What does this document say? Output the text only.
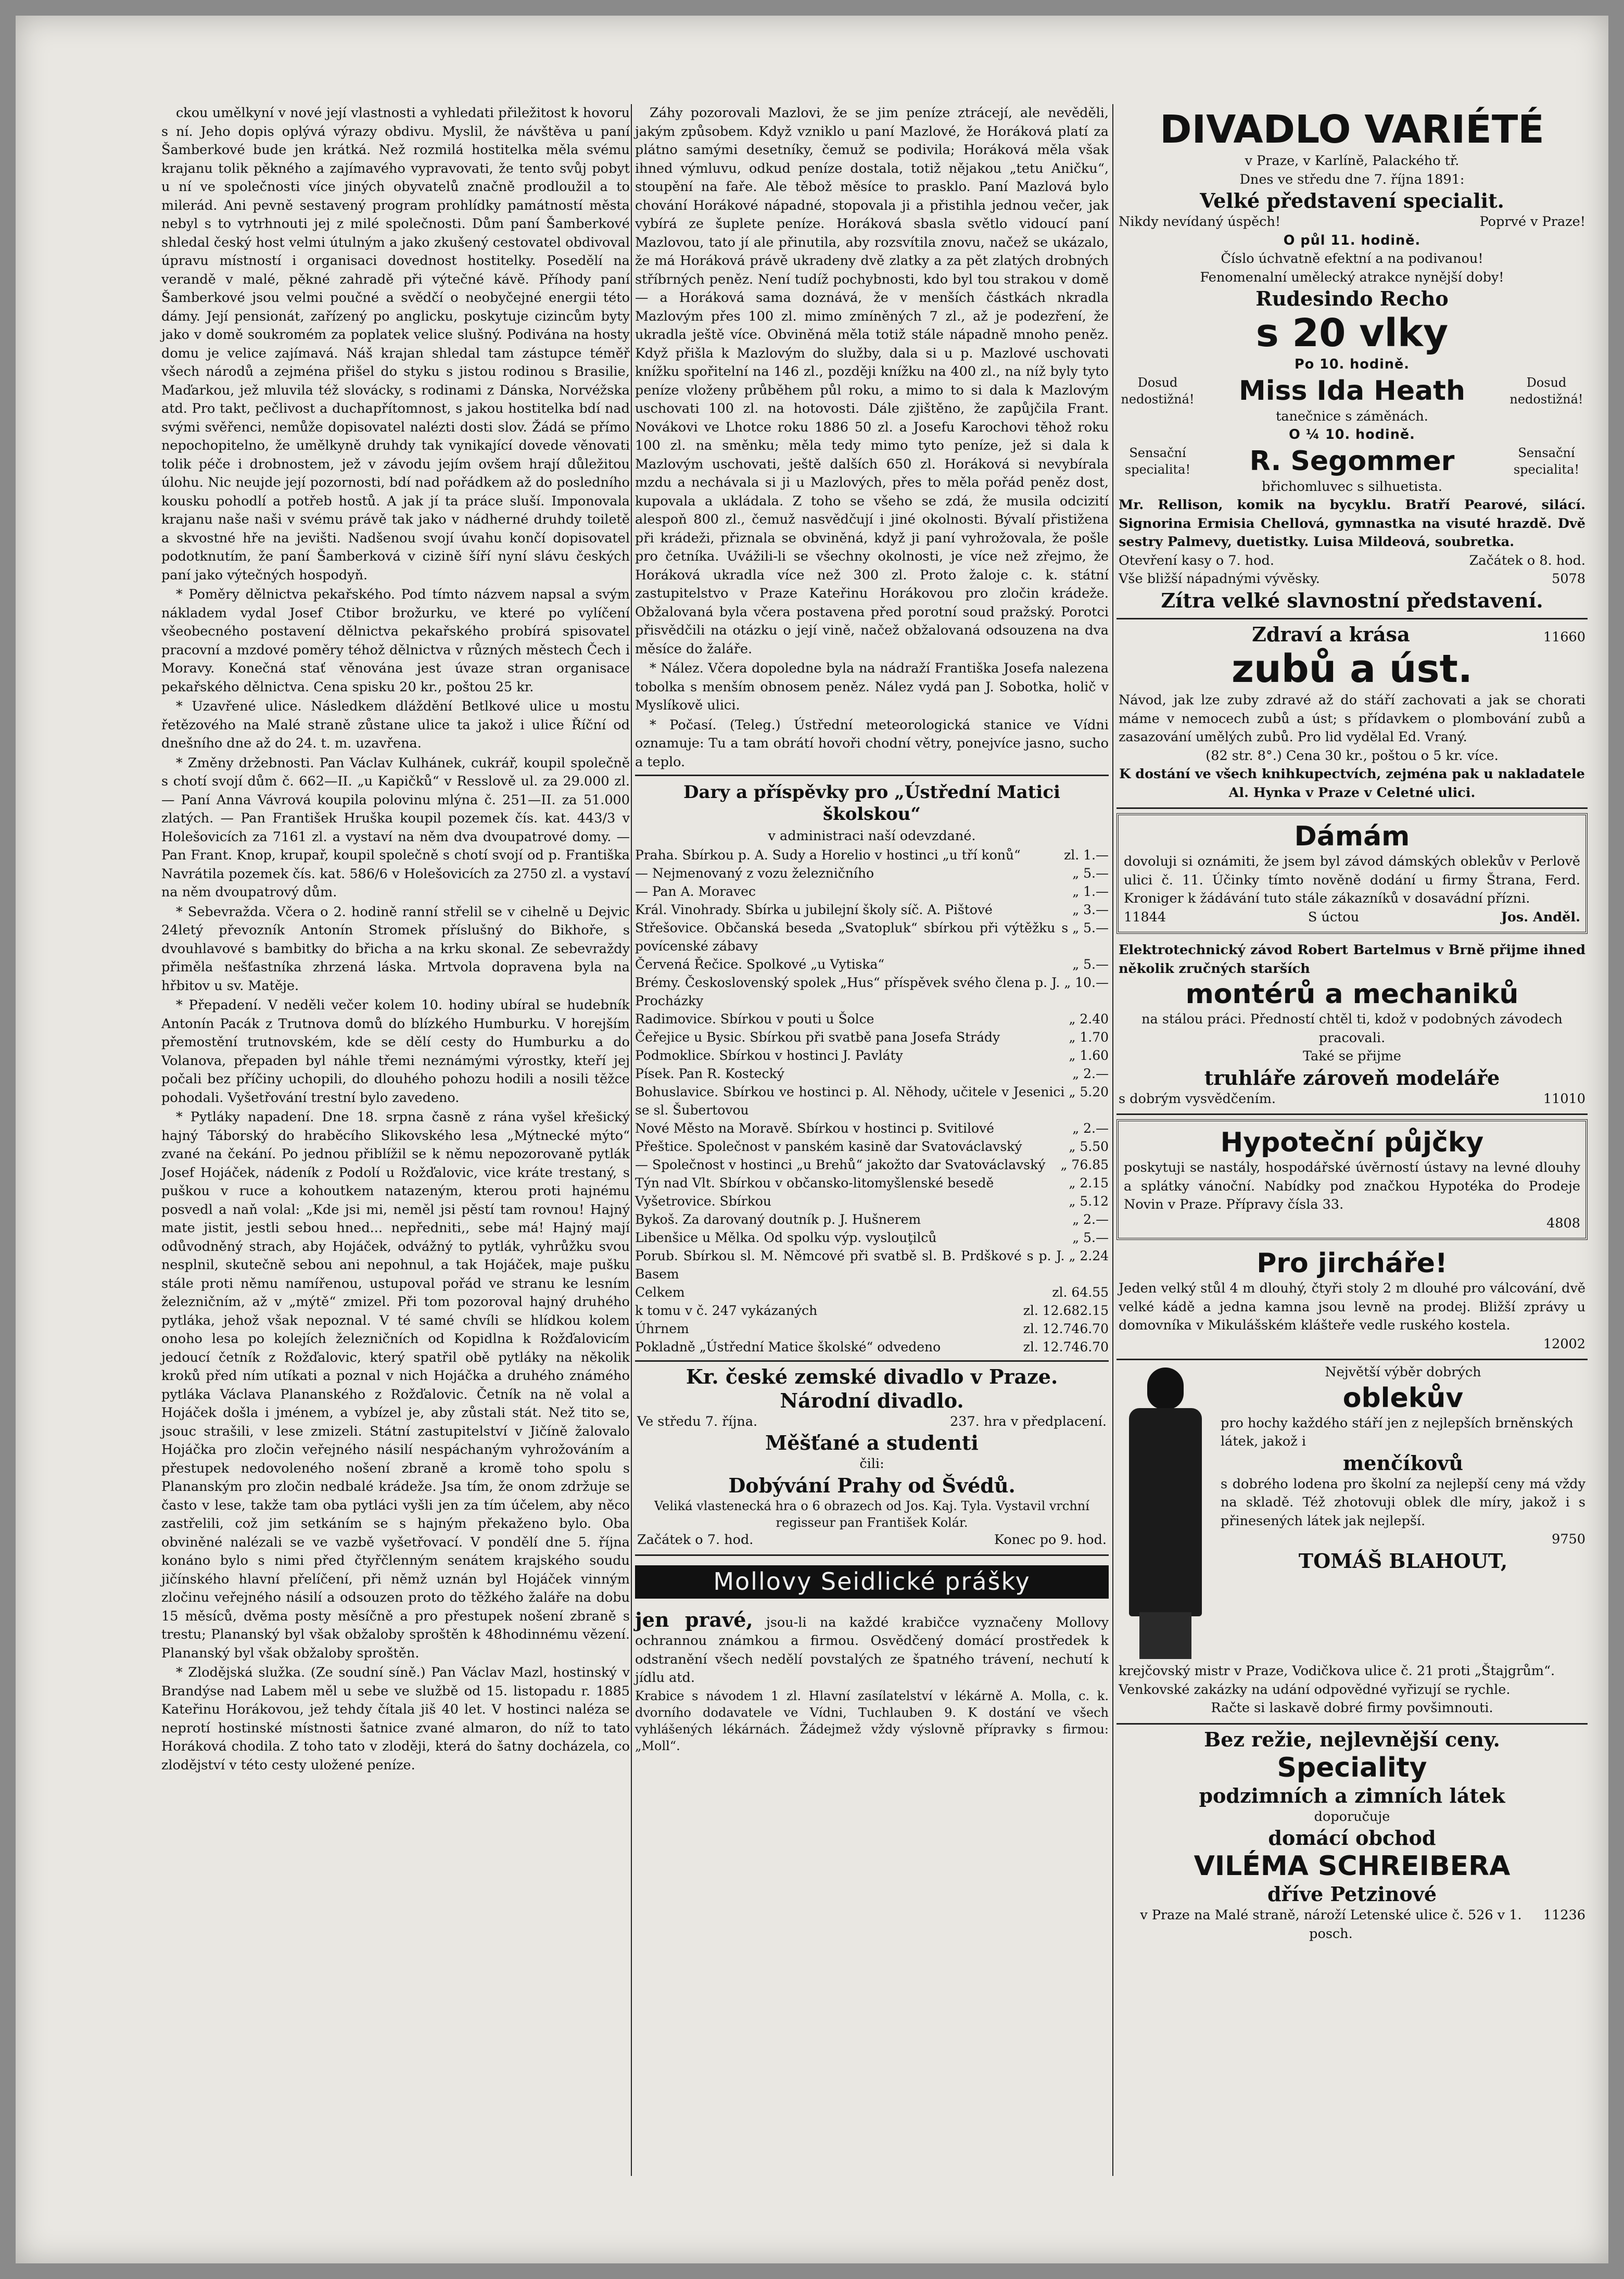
ckou umělkyní v nové její vlastnosti a vyhledati přiležitost k hovoru s ní. Jeho dopis oplývá výrazy obdivu. Myslil, že návštěva u paní Šamberkové bude jen krátká. Než rozmilá hostitelka měla svému krajanu tolik pěkného a zajímavého vypravovati, že tento svůj pobyt u ní ve společnosti více jiných obyvatelů značně prodloužil a to milerád. Ani pevně sestavený program prohlídky památností města nebyl s to vytrhnouti jej z milé společnosti. Dům paní Šamberkové shledal český host velmi útulným a jako zkušený cestovatel obdivoval úpravu místností i organisaci dovednost hostitelky. Posedělí na verandě v malé, pěkné zahradě při výtečné kávě. Příhody paní Šamberkové jsou velmi poučné a svědčí o neobyčejné energii této dámy. Její pensionát, zařízený po anglicku, poskytuje cizincům byty jako v domě soukromém za poplatek velice slušný. Podivána na hosty domu je velice zajímavá. Náš krajan shledal tam zástupce téměř všech národů a zejména přišel do styku s jistou rodinou s Brasilie, Maďarkou, jež mluvila též slovácky, s rodinami z Dánska, Norvéžska atd. Pro takt, pečlivost a duchapřítomnost, s jakou hostitelka bdí nad svými svěřenci, nemůže dopisovatel nalézti dosti slov. Žádá se přímo nepochopitelno, že umělkyně druhdy tak vynikající dovede věnovati tolik péče i drobnostem, jež v závodu jejím ovšem hrají důležitou úlohu. Nic neujde její pozornosti, bdí nad pořádkem až do posledního kousku pohodlí a potřeb hostů. A jak jí ta práce sluší. Imponovala krajanu naše naši v svému právě tak jako v nádherné druhdy toiletě a skvostné hře na jevišti. Nadšenou svojí úvahu končí dopisovatel podotknutím, že paní Šamberková v cizině šíří nyní slávu českých paní jako výtečných hospodyň.

* Poměry dělnictva pekařského. Pod tímto názvem napsal a svým nákladem vydal Josef Ctibor brožurku, ve které po vylíčení všeobecného postavení dělnictva pekařského probírá spisovatel pracovní a mzdové poměry téhož dělnictva v různých městech Čech i Moravy. Konečná stať věnována jest úvaze stran organisace pekařského dělnictva. Cena spisku 20 kr., poštou 25 kr.

* Uzavřené ulice. Následkem dláždění Betlkové ulice u mostu řetězového na Malé straně zůstane ulice ta jakož i ulice Říční od dnešního dne až do 24. t. m. uzavřena.

* Změny držebnosti. Pan Václav Kulhánek, cukrář, koupil společně s chotí svojí dům č. 662—II. „u Kapičků“ v Resslově ul. za 29.000 zl. — Paní Anna Vávrová koupila polovinu mlýna č. 251—II. za 51.000 zlatých. — Pan František Hruška koupil pozemek čís. kat. 443/3 v Holešovicích za 7161 zl. a vystaví na něm dva dvoupatrové domy. — Pan Frant. Knop, krupař, koupil společně s chotí svojí od p. Františka Navrátila pozemek čís. kat. 586/6 v Holešovicích za 2750 zl. a vystaví na něm dvoupatrový dům.

* Sebevražda. Včera o 2. hodině ranní střelil se v cihelně u Dejvic 24letý převozník Antonín Stromek příslušný do Bikhoře, s dvouhlavové s bambitky do břicha a na krku skonal. Ze sebevraždy přiměla nešťastníka zhrzená láska. Mrtvola dopravena byla na hřbitov u sv. Matěje.

* Přepadení. V neděli večer kolem 10. hodiny ubíral se hudebník Antonín Pacák z Trutnova domů do blízkého Humburku. V horejším přemostění trutnovském, kde se dělí cesty do Humburku a do Volanova, přepaden byl náhle třemi neznámými výrostky, kteří jej počali bez příčiny uchopili, do dlouhého pohozu hodili a nosili těžce pohodali. Vyšetřování trestní bylo zavedeno.

* Pytláky napadení. Dne 18. srpna časně z rána vyšel křešický hajný Táborský do hraběcího Slikovského lesa „Mýtnecké mýto“ zvané na čekání. Po jednou přiblížil se k němu nepozorovaně pytlák Josef Hojáček, nádeník z Podolí u Rožďalovic, vice kráte trestaný, s puškou v ruce a kohoutkem natazeným, kterou proti hajnému posvedl a naň volal: „Kde jsi mi, neměl jsi pěstí tam rovnou! Hajný mate jistit, jestli sebou hned... nepředniti,, sebe má! Hajný mají odůvodněný strach, aby Hojáček, odvážný to pytlák, vyhrůžku svou nesplnil, skutečně sebou ani nepohnul, a tak Hojáček, maje pušku stále proti němu namířenou, ustupoval pořád ve stranu ke lesním železničním, až v „mýtě“ zmizel. Při tom pozoroval hajný druhého pytláka, jehož však nepoznal. V té samé chvíli se hlídkou kolem onoho lesa po kolejích železničních od Kopidlna k Rožďalovicím jedoucí četník z Rožďalovic, který spatřil obě pytláky na několik kroků před ním utíkati a poznal v nich Hojáčka a druhého známého pytláka Václava Plananského z Rožďalovic. Četník na ně volal a Hojáček došla i jménem, a vybízel je, aby zůstali stát. Než tito se, jsouc strašili, v lese zmizeli. Státní zastupitelství v Jičíně žalovalo Hojáčka pro zločin veřejného násilí nespáchaným vyhrožováním a přestupek nedovoleného nošení zbraně a kromě toho spolu s Plananským pro zločin nedbalé krádeže. Jsa tím, že onom zdržuje se často v lese, takže tam oba pytláci vyšli jen za tím účelem, aby něco zastřelili, což jim setkáním se s hajným překaženo bylo. Oba obviněné nalézali se ve vazbě vyšetřovací. V pondělí dne 5. října konáno bylo s nimi před čtyřčlenným senátem krajského soudu jičínského hlavní přelíčení, při němž uznán byl Hojáček vinným zločinu veřejného násilí a odsouzen proto do těžkého žaláře na dobu 15 měsíců, dvěma posty měsíčně a pro přestupek nošení zbraně s trestu; Plananský byl však obžaloby sproštěn k 48hodinnému vězení. Plananský byl však obžaloby sproštěn.

* Zlodějská služka. (Ze soudní síně.) Pan Václav Mazl, hostinský v Brandýse nad Labem měl u sebe ve službě od 15. listopadu r. 1885 Kateřinu Horákovou, jež tehdy čítala jiš 40 let. V hostinci naléza se neprotí hostinské místnosti šatnice zvané almaron, do níž to tato Horáková chodila. Z toho tato v zloději, která do šatny docházela, co zlodějství v této cesty uložené peníze.

Záhy pozorovali Mazlovi, že se jim peníze ztrácejí, ale nevěděli, jakým způsobem. Když vzniklo u paní Mazlové, že Horáková platí za plátno samými desetníky, čemuž se podivila; Horáková měla však ihned výmluvu, odkud peníze dostala, totiž nějakou „tetu Aničku“, stoupění na faře. Ale těbož měsíce to prasklo. Paní Mazlová bylo chování Horákové nápadné, stopovala ji a přistihla jednou večer, jak vybírá ze šuplete peníze. Horáková sbasla světlo vidoucí paní Mazlovou, tato jí ale přinutila, aby rozsvítila znovu, načež se ukázalo, že má Horáková právě ukradeny dvě zlatky a za pět zlatých drobných stříbrných peněz. Není tudíž pochybnosti, kdo byl tou strakou v domě — a Horáková sama doznává, že v menších částkách nkradla Mazlovým přes 100 zl. mimo zmíněných 7 zl., až je podezření, že ukradla ještě více. Obviněná měla totiž stále nápadně mnoho peněz. Když přišla k Mazlovým do služby, dala si u p. Mazlové uschovati knížku spořitelní na 146 zl., později knížku na 400 zl., na níž byly tyto peníze vloženy průběhem půl roku, a mimo to si dala k Mazlovým uschovati 100 zl. na hotovosti. Dále zjištěno, že zapůjčila Frant. Novákovi ve Lhotce roku 1886 50 zl. a Josefu Karochovi těhož roku 100 zl. na směnku; měla tedy mimo tyto peníze, jež si dala k Mazlovým uschovati, ještě dalších 650 zl. Horáková si nevybírala mzdu a nechávala si ji u Mazlových, přes to měla pořád peněz dost, kupovala a ukládala. Z toho se všeho se zdá, že musila odcizití alespoň 800 zl., čemuž nasvědčují i jiné okolnosti. Bývalí přistižena při krádeži, přiznala se obviněná, když ji paní vyhrožovala, že pošle pro četníka. Uvážili-li se všechny okolnosti, je více než zřejmo, že Horáková ukradla více než 300 zl. Proto žaloje c. k. státní zastupitelstvo v Praze Kateřinu Horákovou pro zločin krádeže. Obžalovaná byla včera postavena před porotní soud pražský. Porotci přisvědčili na otázku o její vině, načež obžalovaná odsouzena na dva měsíce do žaláře.

* Nález. Včera dopoledne byla na nádraží Františka Josefa nalezena tobolka s menším obnosem peněz. Nález vydá pan J. Sobotka, holič v Myslíkově ulici.

* Počasí. (Teleg.) Ústřední meteorologická stanice ve Vídni oznamuje: Tu a tam obrátí hovoři chodní větry, ponejvíce jasno, sucho a teplo.

Dary a příspěvky pro „Ústřední Matici školskou“
v administraci naší odevzdané.
Praha. Sbírkou p. A. Sudy a Horelio v hostinci „u tří konů“	zl. 1.—
— Nejmenovaný z vozu železničního	„ 5.—
— Pan A. Moravec	„ 1.—
Král. Vinohrady. Sbírka u jubilejní školy síč. A. Pištové	„ 3.—
Střešovice. Občanská beseda „Svatopluk“ sbírkou při výtěžku s povícenské zábavy
„ 5.—
Červená Řečice. Spolkové „u Vytiska“	„ 5.—
Brémy. Československý spolek „Hus“ příspěvek svého člena p. J. Procházky
„ 10.—
Radimovice. Sbírkou v pouti u Šolce	„ 2.40
Čeřejice u Bysic. Sbírkou při svatbě pana Josefa Strády	„ 1.70
Podmoklice. Sbírkou v hostinci J. Pavláty	„ 1.60
Písek. Pan R. Kostecký	„ 2.—
Bohuslavice. Sbírkou ve hostinci p. Al. Něhody, učitele v Jesenici se sl. Šubertovou
„ 5.20
Nové Město na Moravě. Sbírkou v hostinci p. Svitilové	„ 2.—
Přeštice. Společnost v panském kasině dar Svatováclavský	„ 5.50
— Společnost v hostinci „u Brehů“ jakožto dar Svatováclavský	„ 76.85
Týn nad Vlt. Sbírkou v občansko-litomyšlenské besedě	„ 2.15
Vyšetrovice. Sbírkou	„ 5.12
Bykoš. Za darovaný doutník p. J. Hušnerem	„ 2.—
Libenšice u Mělka. Od spolku výp. vyslouţilců	„ 5.—
Porub. Sbírkou sl. M. Němcové při svatbě sl. B. Prdškové s p. J. Basem
„ 2.24
Celkem	zl. 64.55
k tomu v č. 247 vykázaných	zl. 12.682.15
Úhrnem	zl. 12.746.70
Pokladně „Ústřední Matice školské“ odvedeno	zl. 12.746.70
Kr. české zemské divadlo v Praze.
Národní divadlo.
Ve středu 7. října.	237. hra v předplacení.
Měšťané a studenti
čili:
Dobývání Prahy od Švédů.
Veliká vlastenecká hra o 6 obrazech od Jos. Kaj. Tyla. Vystavil vrchní regisseur pan František Kolár.
Začátek o 7. hod.	Konec po 9. hod.
Mollovy Seidlické prášky
jen pravé, jsou-li na každé krabičce vyznačeny Mollovy ochrannou známkou a firmou. Osvědčený domácí prostředek k odstranění všech nedělí povstalých ze špatného trávení, nechutí k jídlu atd.
Krabice s návodem 1 zl. Hlavní zasílatelství v lékárně A. Molla, c. k. dvorního dodavatele ve Vídni, Tuchlauben 9. K dostání ve všech vyhlášených lékárnách. Žádejmež vždy výslovně přípravky s firmou: „Moll“.
DIVADLO VARIÉTÉ
v Praze, v Karlíně, Palackého tř.
Dnes ve středu dne 7. října 1891:
Velké představení specialit.
Nikdy nevídaný úspěch!	Poprvé v Praze!
O půl 11. hodině.
Číslo úchvatně efektní a na podivanou!
Fenomenalní umělecký atrakce nynější doby!
Rudesindo Recho
s 20 vlky
Po 10. hodině.
Dosud nedostižná! Miss Ida Heath	Dosud nedostižná!
tanečnice s záměnách.
O ¼ 10. hodině.
Sensační specialita! R. Segommer	Sensační specialita!
břichomluvec s silhuetista.
Mr. Rellison, komik na bycyklu. Bratří Pearové, silácí. Signorina Ermisia Chellová, gymnastka na visuté hrazdě. Dvě sestry Palmevy, duetistky. Luisa Mildeová, soubretka.
Otevření kasy o 7. hod.	Začátek o 8. hod.
Vše bližší nápadnými vývěsky.	5078
Zítra velké slavnostní představení.
Zdraví a krása	11660
zubů a úst.
Návod, jak lze zuby zdravé až do stáří zachovati a jak se chorati máme v nemocech zubů a úst; s přídavkem o plombování zubů a zasazování umělých zubů. Pro lid vydělal Ed. Vraný.
(82 str. 8°.) Cena 30 kr., poštou o 5 kr. více.
K dostání ve všech knihkupectvích, zejména pak u nakladatele Al. Hynka v Praze v Celetné ulici.
Dámám
dovoluji si oznámiti, že jsem byl závod dámských oblekův v Perlově ulici č. 11. Účinky tímto nověně dodání u firmy Štrana, Ferd. Kroniger k žádávání tuto stále zákazníků v dosavádní přízni.
11844	S úctou	Jos. Anděl.
Elektrotechnický závod Robert Bartelmus v Brně přijme ihned několik zručných starších
montérů a mechaniků
na stálou práci. Předností chtěl ti, kdož v podobných závodech pracovali.
Také se přijme
truhláře zároveň modeláře
s dobrým vysvědčením.	11010
Hypoteční půjčky
poskytuji se nastály, hospodářské úvěrností ústavy na levné dlouhy a splátky vánoční. Nabídky pod značkou Hypotéka do Prodeje Novin v Praze. Přípravy čísla 33.
4808
Pro jircháře!
Jeden velký stůl 4 m dlouhý, čtyři stoly 2 m dlouhé pro válcování, dvě velké kádě a jedna kamna jsou levně na prodej. Bližší zprávy u domovníka v Mikulášském klášteře vedle ruského kostela.
12002
Největší výběr dobrých
oblekův
pro hochy každého stáří jen z nejlepších brněnských látek, jakož i
menčíkovů
s dobrého lodena pro školní za nejlepší ceny má vždy na skladě. Též zhotovuji oblek dle míry, jakož i s přinesených látek jak nejlepší.
9750
TOMÁŠ BLAHOUT,
krejčovský mistr v Praze, Vodičkova ulice č. 21 proti „Štajgrům“.
Venkovské zakázky na udání odpovědné vyřizují se rychle.
Račte si laskavě dobré firmy povšimnouti.
Bez režie, nejlevnější ceny.
Speciality
podzimních a zimních látek
doporučuje
domácí obchod
VILÉMA SCHREIBERA
dříve Petzinové
v Praze na Malé straně, nároží Letenské ulice č. 526 v 1. posch.
11236
